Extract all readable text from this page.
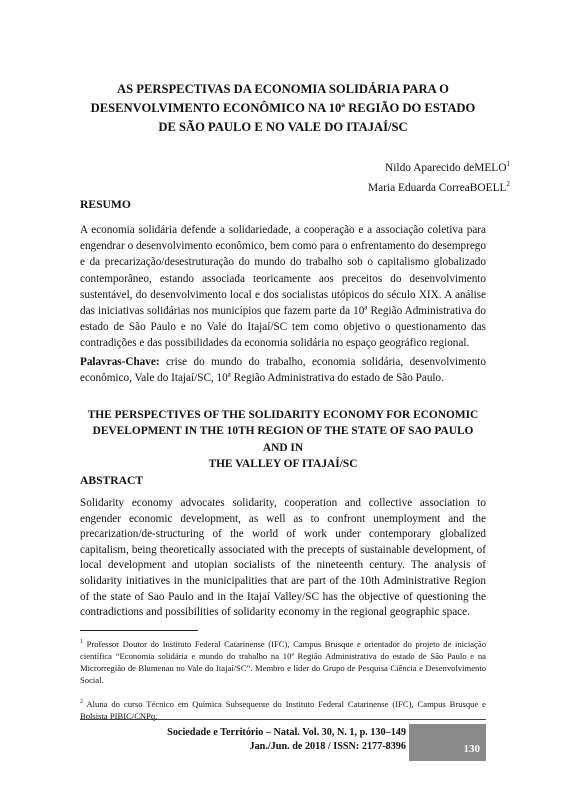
AS PERSPECTIVAS DA ECONOMIA SOLIDÁRIA PARA O
DESENVOLVIMENTO ECONÔMICO NA 10ª REGIÃO DO ESTADO
DE SÃO PAULO E NO VALE DO ITAJAÍ/SC
Nildo Aparecido deMELO$^1$
Maria Eduarda CorreaBOELL$^2$
RESUMO
A economia solidária defende a solidariedade, a cooperação e a associação coletiva para engendrar o desenvolvimento econômico, bem como para o enfrentamento do desemprego e da precarização/desestruturação do mundo do trabalho sob o capitalismo globalizado contemporâneo, estando associada teoricamente aos preceitos do desenvolvimento sustentável, do desenvolvimento local e dos socialistas utópicos do século XIX. A análise das iniciativas solidárias nos municípios que fazem parte da 10ª Região Administrativa do estado de São Paulo e no Vale do Itajaí/SC tem como objetivo o questionamento das contradições e das possibilidades da economia solidária no espaço geográfico regional.
Palavras-Chave: crise do mundo do trabalho, economia solidária, desenvolvimento econômico, Vale do Itajaí/SC, 10ª Região Administrativa do estado de São Paulo.
THE PERSPECTIVES OF THE SOLIDARITY ECONOMY FOR ECONOMIC
DEVELOPMENT IN THE 10TH REGION OF THE STATE OF SAO PAULO AND IN
THE VALLEY OF ITAJAÍ/SC
ABSTRACT
Solidarity economy advocates solidarity, cooperation and collective association to engender economic development, as well as to confront unemployment and the precarization/de-structuring of the world of work under contemporary globalized capitalism, being theoretically associated with the precepts of sustainable development, of local development and utopian socialists of the nineteenth century. The analysis of solidarity initiatives in the municipalities that are part of the 10th Administrative Region of the state of Sao Paulo and in the Itajaí Valley/SC has the objective of questioning the contradictions and possibilities of solidarity economy in the regional geographic space.
$^1$ Professor Doutor do Instituto Federal Catarinense (IFC), Campus Brusque e orientador do projeto de iniciação científica “Economia solidária e mundo do trabalho na 10ª Região Administrativa do estado de São Paulo e na Microrregião de Blumenau no Vale do Itajaí/SC”. Membro e líder do Grupo de Pesquisa Ciência e Desenvolvimento Social.
$^2$ Aluna do curso Técnico em Química Subsequente do Instituto Federal Catarinense (IFC), Campus Brusque e Bolsista PIBIC/CNPq.
Sociedade e Território – Natal. Vol. 30, N. 1, p. 130–149
Jan./Jun. de 2018 / ISSN: 2177-8396	130
